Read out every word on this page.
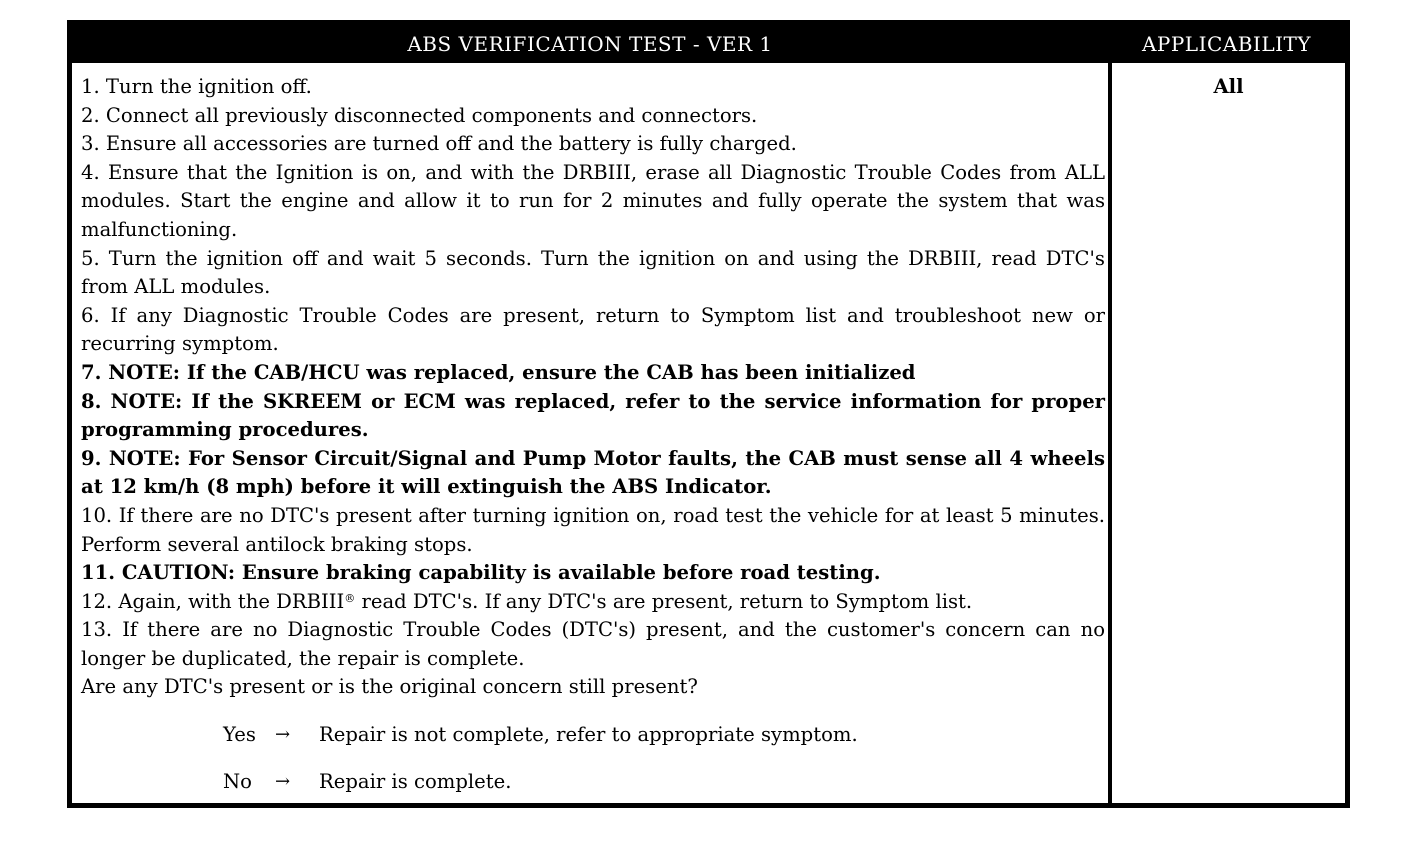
ABS VERIFICATION TEST - VER 1	APPLICABILITY

1. Turn the ignition off.

2. Connect all previously disconnected components and connectors.

3. Ensure all accessories are turned off and the battery is fully charged.

4. Ensure that the Ignition is on, and with the DRBIII, erase all Diagnostic Trouble Codes from ALL modules. Start the engine and allow it to run for 2 minutes and fully operate the system that was malfunctioning.

5. Turn the ignition off and wait 5 seconds. Turn the ignition on and using the DRBIII, read DTC's from ALL modules.

6. If any Diagnostic Trouble Codes are present, return to Symptom list and troubleshoot new or recurring symptom.

7. NOTE: If the CAB/HCU was replaced, ensure the CAB has been initialized

8. NOTE: If the SKREEM or ECM was replaced, refer to the service information for proper programming procedures.

9. NOTE: For Sensor Circuit/Signal and Pump Motor faults, the CAB must sense all 4 wheels at 12 km/h (8 mph) before it will extinguish the ABS Indicator.

10. If there are no DTC's present after turning ignition on, road test the vehicle for at least 5 minutes. Perform several antilock braking stops.

11. CAUTION: Ensure braking capability is available before road testing.

12. Again, with the DRBIII® read DTC's. If any DTC's are present, return to Symptom list.

13. If there are no Diagnostic Trouble Codes (DTC's) present, and the customer's concern can no longer be duplicated, the repair is complete.

Are any DTC's present or is the original concern still present?

Yes	→	Repair is not complete, refer to appropriate symptom.
No	→	Repair is complete.
All
